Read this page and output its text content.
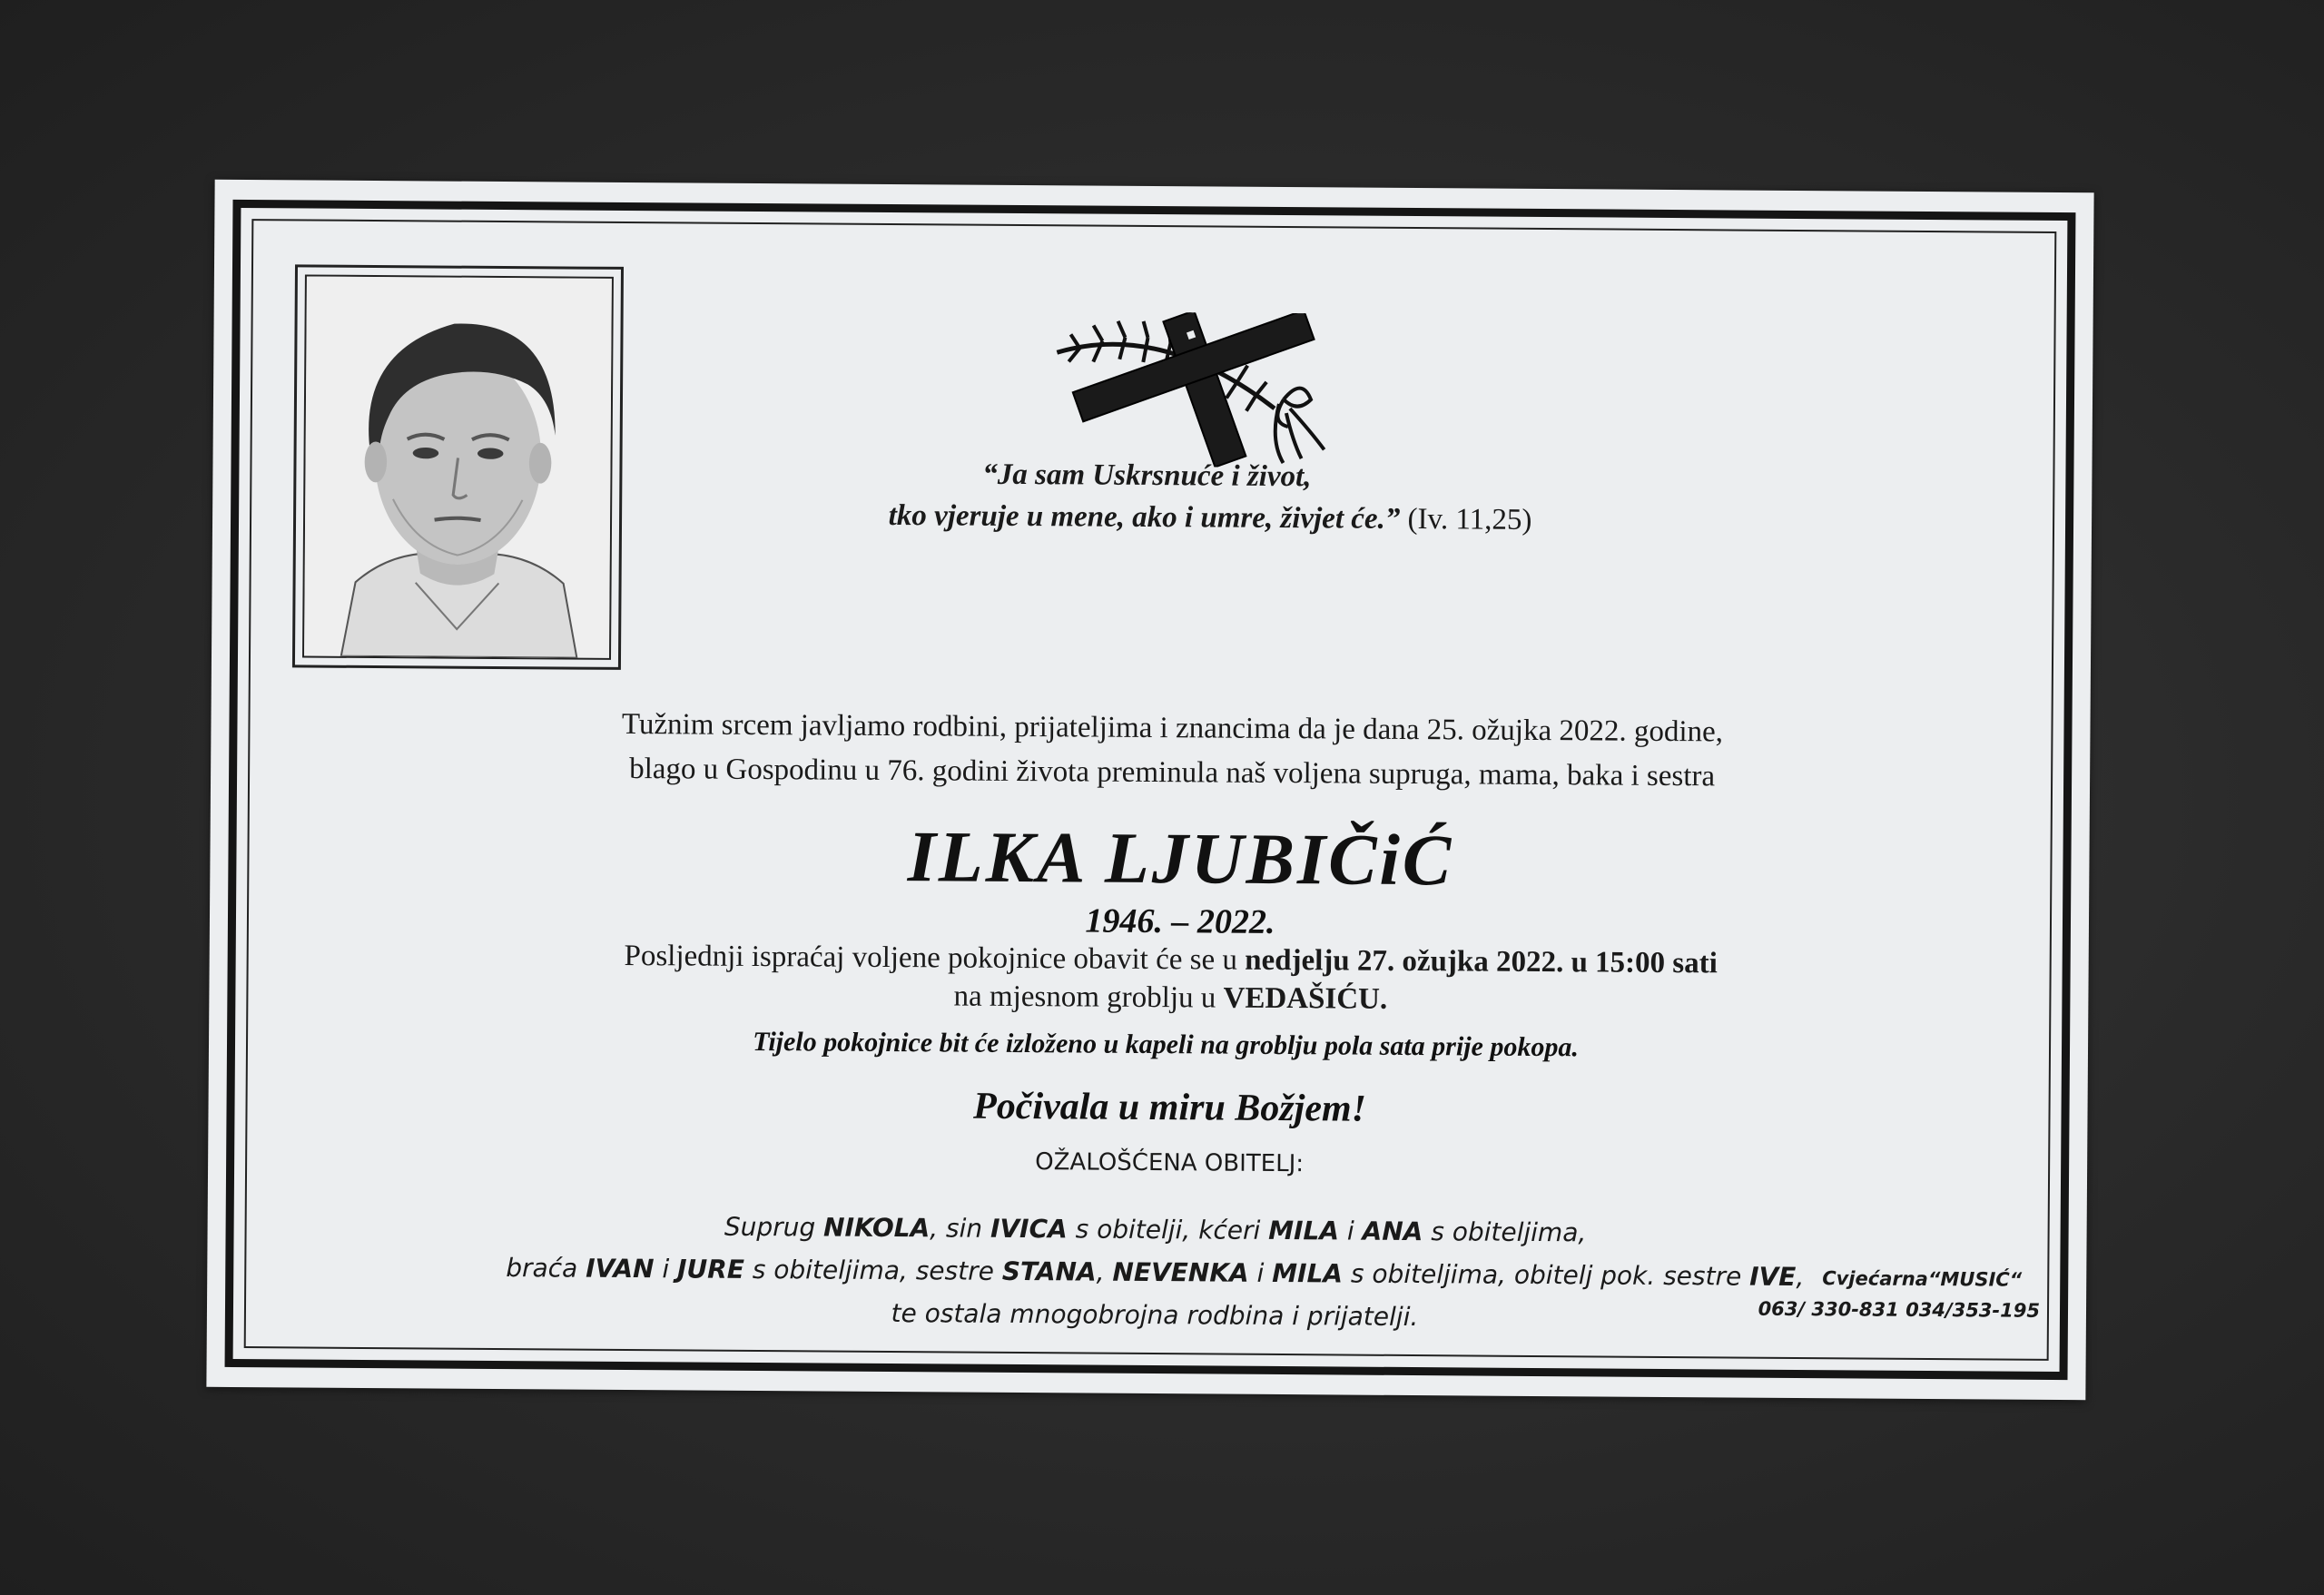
“Ja sam Uskrsnuće i život,
tko vjeruje u mene, ako i umre, živjet će.” (Iv. 11,25)
Tužnim srcem javljamo rodbini, prijateljima i znancima da je dana 25. ožujka 2022. godine,
blago u Gospodinu u 76. godini života preminula naš voljena supruga, mama, baka i sestra
ILKA LJUBIČiĆ
1946. – 2022.
Posljednji ispraćaj voljene pokojnice obavit će se u nedjelju 27. ožujka 2022. u 15:00 sati
na mjesnom groblju u VEDAŠIĆU.
Tijelo pokojnice bit će izloženo u kapeli na groblju pola sata prije pokopa.
Počivala u miru Božjem!
OŽALOŠĆENA OBITELJ:
Suprug NIKOLA, sin IVICA s obitelji, kćeri MILA i ANA s obiteljima,
braća IVAN i JURE s obiteljima, sestre STANA, NEVENKA i MILA s obiteljima, obitelj pok. sestre IVE,
te ostala mnogobrojna rodbina i prijatelji.
Cvjećarna“MUSIĆ“
063/ 330-831 034/353-195
